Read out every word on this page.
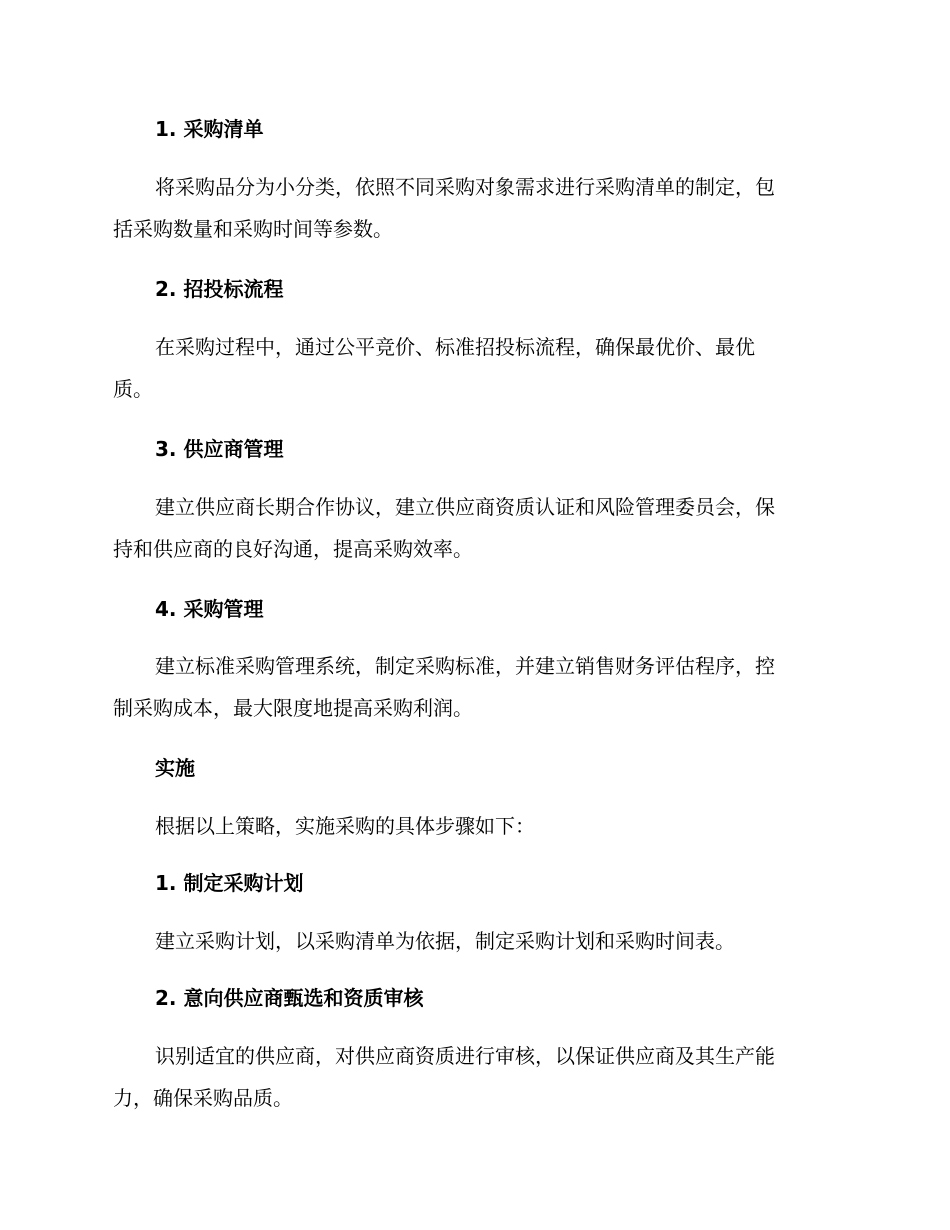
1. 采购清单

将采购品分为小分类，依照不同采购对象需求进行采购清单的制定，包
括采购数量和采购时间等参数。

2. 招投标流程

在采购过程中，通过公平竞价、标准招投标流程，确保最优价、最优
质。

3. 供应商管理

建立供应商长期合作协议，建立供应商资质认证和风险管理委员会，保
持和供应商的良好沟通，提高采购效率。

4. 采购管理

建立标准采购管理系统，制定采购标准，并建立销售财务评估程序，控
制采购成本，最大限度地提高采购利润。

实施

根据以上策略，实施采购的具体步骤如下：

1. 制定采购计划

建立采购计划，以采购清单为依据，制定采购计划和采购时间表。

2. 意向供应商甄选和资质审核

识别适宜的供应商，对供应商资质进行审核，以保证供应商及其生产能
力，确保采购品质。
